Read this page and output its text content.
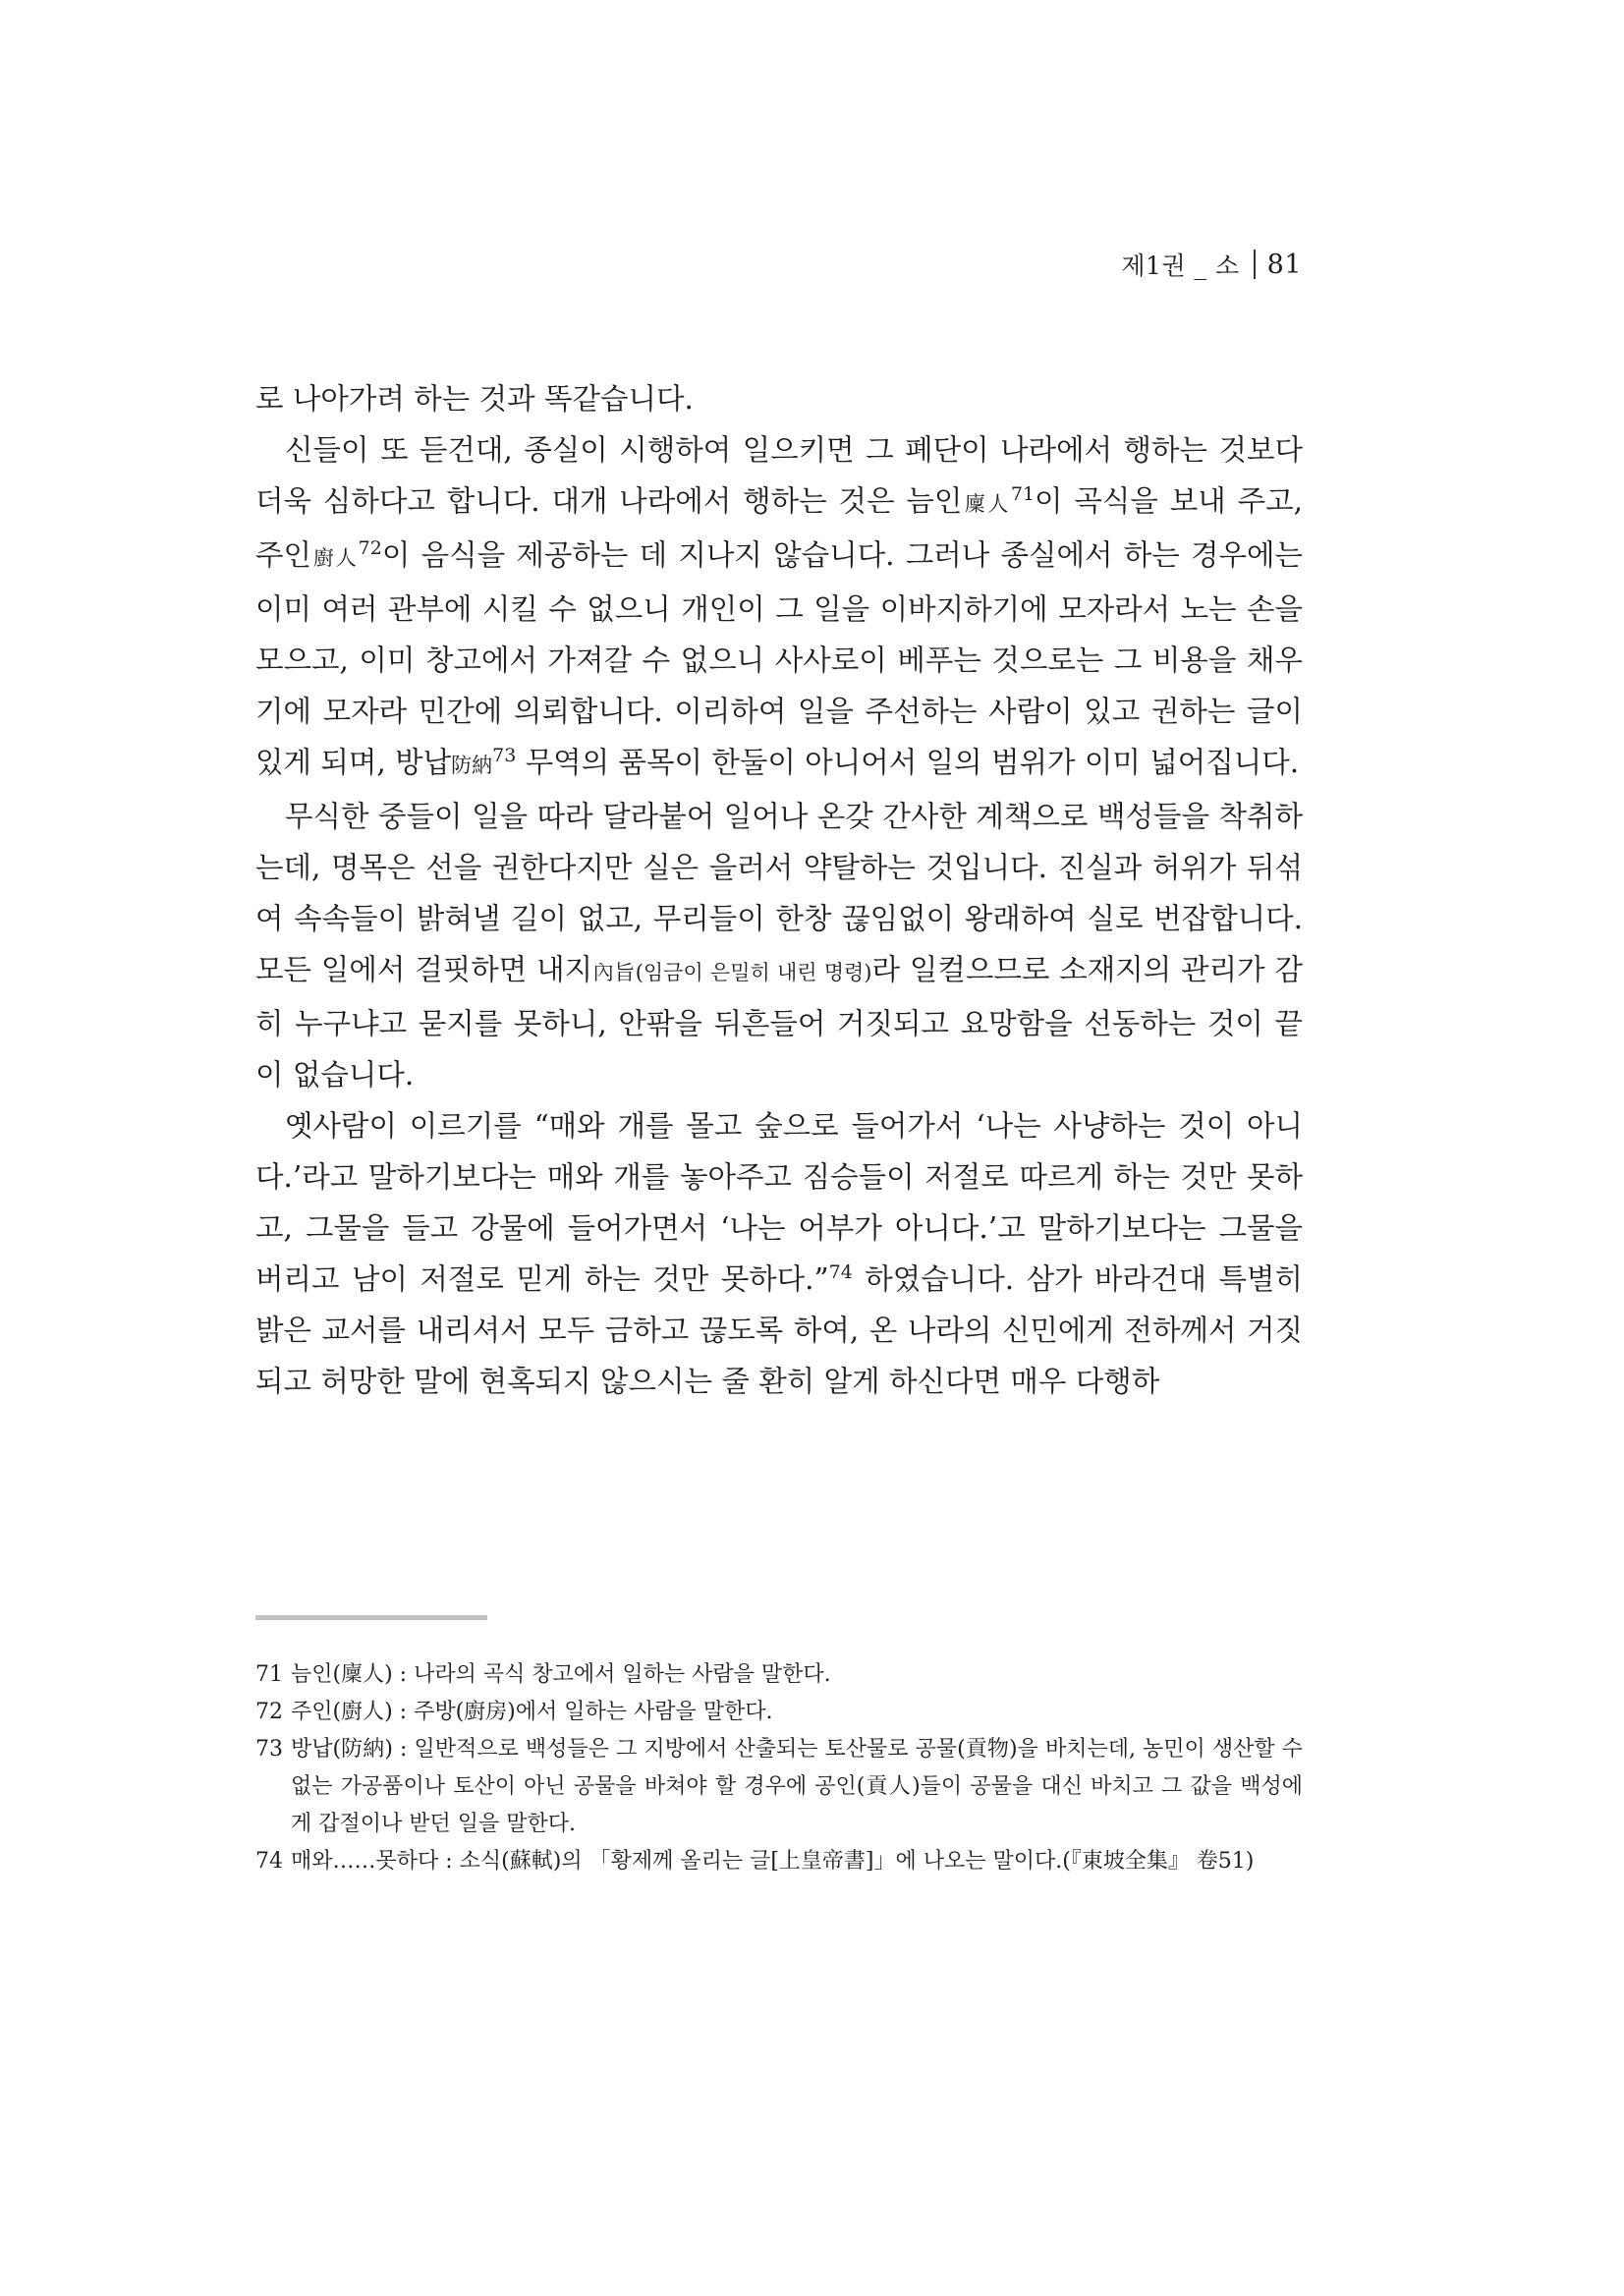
제1권 _ 소 81

로 나아가려 하는 것과 똑같습니다.

신들이 또 듣건대, 종실이 시행하여 일으키면 그 폐단이 나라에서 행하는 것보다 더욱 심하다고 합니다. 대개 나라에서 행하는 것은 늠인廩人$^{71}$이 곡식을 보내 주고, 주인廚人$^{72}$이 음식을 제공하는 데 지나지 않습니다. 그러나 종실에서 하는 경우에는 이미 여러 관부에 시킬 수 없으니 개인이 그 일을 이바지하기에 모자라서 노는 손을 모으고, 이미 창고에서 가져갈 수 없으니 사사로이 베푸는 것으로는 그 비용을 채우기에 모자라 민간에 의뢰합니다. 이리하여 일을 주선하는 사람이 있고 권하는 글이 있게 되며, 방납防納$^{73}$ 무역의 품목이 한둘이 아니어서 일의 범위가 이미 넓어집니다.

무식한 중들이 일을 따라 달라붙어 일어나 온갖 간사한 계책으로 백성들을 착취하는데, 명목은 선을 권한다지만 실은 을러서 약탈하는 것입니다. 진실과 허위가 뒤섞여 속속들이 밝혀낼 길이 없고, 무리들이 한창 끊임없이 왕래하여 실로 번잡합니다. 모든 일에서 걸핏하면 내지內旨(임금이 은밀히 내린 명령)라 일컬으므로 소재지의 관리가 감히 누구냐고 묻지를 못하니, 안팎을 뒤흔들어 거짓되고 요망함을 선동하는 것이 끝이 없습니다.

옛사람이 이르기를 “매와 개를 몰고 숲으로 들어가서 ‘나는 사냥하는 것이 아니다.’라고 말하기보다는 매와 개를 놓아주고 짐승들이 저절로 따르게 하는 것만 못하고, 그물을 들고 강물에 들어가면서 ‘나는 어부가 아니다.’고 말하기보다는 그물을 버리고 남이 저절로 믿게 하는 것만 못하다.”$^{74}$ 하였습니다. 삼가 바라건대 특별히 밝은 교서를 내리셔서 모두 금하고 끊도록 하여, 온 나라의 신민에게 전하께서 거짓되고 허망한 말에 현혹되지 않으시는 줄 환히 알게 하신다면 매우 다행하

71 늠인(廩人) : 나라의 곡식 창고에서 일하는 사람을 말한다.
72 주인(廚人) : 주방(廚房)에서 일하는 사람을 말한다.
73 방납(防納) : 일반적으로 백성들은 그 지방에서 산출되는 토산물로 공물(貢物)을 바치는데, 농민이 생산할 수 없는 가공품이나 토산이 아닌 공물을 바쳐야 할 경우에 공인(貢人)들이 공물을 대신 바치고 그 값을 백성에게 갑절이나 받던 일을 말한다.
74 매와……못하다 : 소식(蘇軾)의 「황제께 올리는 글[上皇帝書]」에 나오는 말이다.(『東坡全集』 卷51)
